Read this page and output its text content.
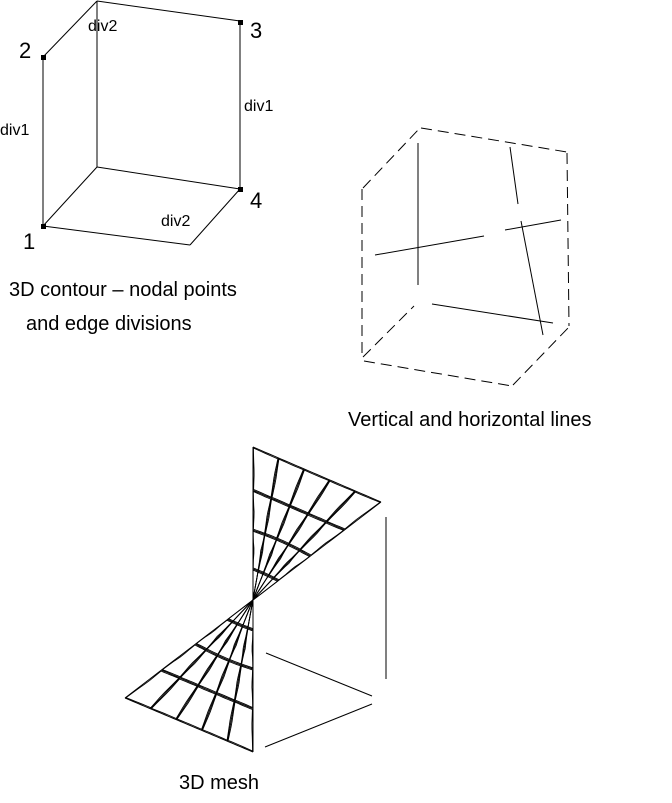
3D contour – nodal points
and edge divisions
Vertical and horizontal lines
3D mesh
1
2
3
4
div2
div1
div1
div2
